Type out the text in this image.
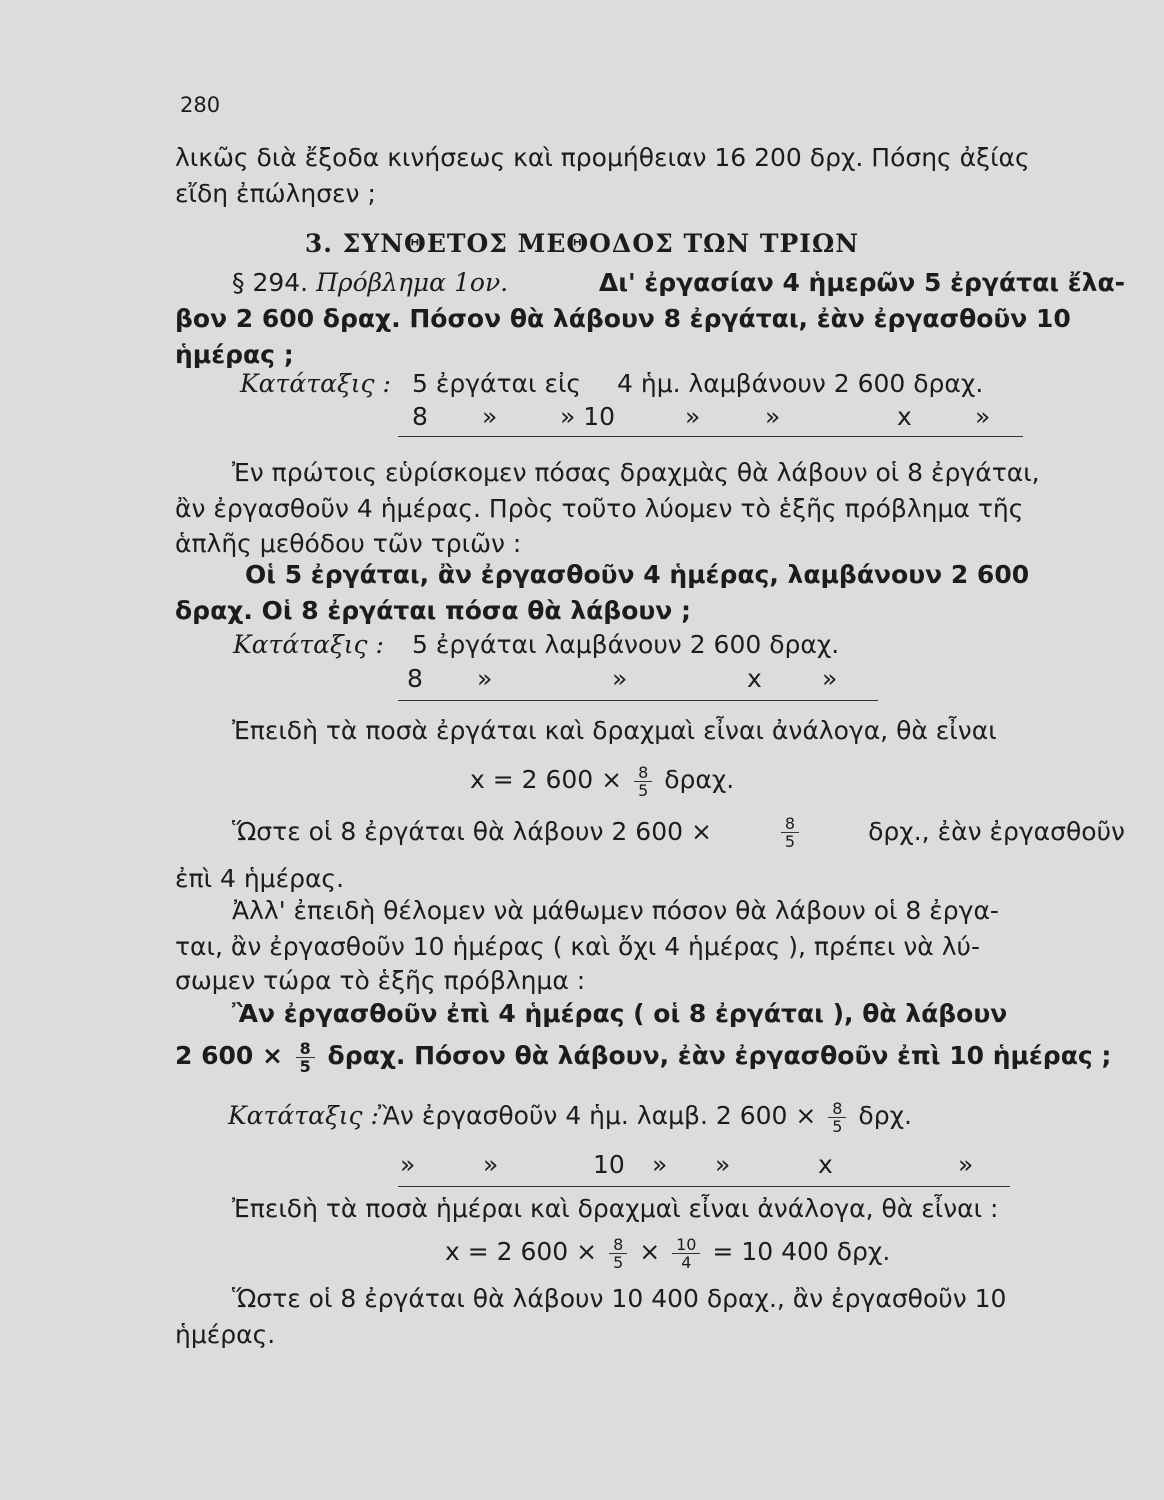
280
λικῶς διὰ ἔξοδα κινήσεως καὶ προμήθειαν 16 200 δρχ. Πόσης ἀξίας
εἴδη ἐπώλησεν ;
3. ΣΥΝΘΕΤΟΣ ΜΕΘΟΔΟΣ ΤΩΝ ΤΡΙΩΝ
§ 294. Πρόβλημα 1ον.	Δι' ἐργασίαν 4 ἡμερῶν 5 ἐργάται ἔλα-
βον 2 600 δραχ. Πόσον θὰ λάβουν 8 ἐργάται, ἐὰν ἐργασθοῦν 10
ἡμέρας ;
Κατάταξις : 5 ἐργάται εἰς 4 ἡμ. λαμβάνουν 2 600 δραχ.
8 »	» 10	»	»	x	»
Ἐν πρώτοις εὑρίσκομεν πόσας δραχμὰς θὰ λάβουν οἱ 8 ἐργάται,
ἂν ἐργασθοῦν 4 ἡμέρας. Πρὸς τοῦτο λύομεν τὸ ἑξῆς πρόβλημα τῆς
ἁπλῆς μεθόδου τῶν τριῶν :
Οἱ 5 ἐργάται, ἂν ἐργασθοῦν 4 ἡμέρας, λαμβάνουν 2 600
δραχ. Οἱ 8 ἐργάται πόσα θὰ λάβουν ;
Κατάταξις : 5 ἐργάται λαμβάνουν 2 600 δραχ.
8 »	»	x »
Ἐπειδὴ τὰ ποσὰ ἐργάται καὶ δραχμαὶ εἶναι ἀνάλογα, θὰ εἶναι
x = 2 $600 \times \frac{8}{5} \delta\rho\alpha\chi$.
Ὥστε οἱ 8 ἐργάται θὰ λάβουν 2 600 ×	$\frac{8}{5}$	δρχ., ἐὰν ἐργασθοῦν
ἐπὶ 4 ἡμέρας.
Ἀλλ' ἐπειδὴ θέλομεν νὰ μάθωμεν πόσον θὰ λάβουν οἱ 8 ἐργα-
ται, ἂν ἐργασθοῦν 10 ἡμέρας ( καὶ ὄχι 4 ἡμέρας ), πρέπει νὰ λύ-
σωμεν τώρα τὸ ἑξῆς πρόβλημα :
Ἂν ἐργασθοῦν ἐπὶ 4 ἡμέρας ( οἱ 8 ἐργάται ), θὰ λάβουν
2 $600 \times \frac{8}{5} \delta\rho\alpha\chi$. Πόσον θὰ λάβουν, ἐὰν ἐργασθοῦν ἐπὶ 10 ἡμέρας ;
Κατάταξις : Ἂν ἐργασθοῦν 4 ἡμ. λαμβ. 2 $600 \times \frac{8}{5} \delta\rho\chi$.
»	»	10 » »	x	»
Ἐπειδὴ τὰ ποσὰ ἡμέραι καὶ δραχμαὶ εἶναι ἀνάλογα, θὰ εἶναι :
x = 2 $600 \times \frac{8}{5} \times \frac{10}{4} = 10$ 400 δρχ.
Ὥστε οἱ 8 ἐργάται θὰ λάβουν 10 400 δραχ., ἂν ἐργασθοῦν 10
ἡμέρας.
